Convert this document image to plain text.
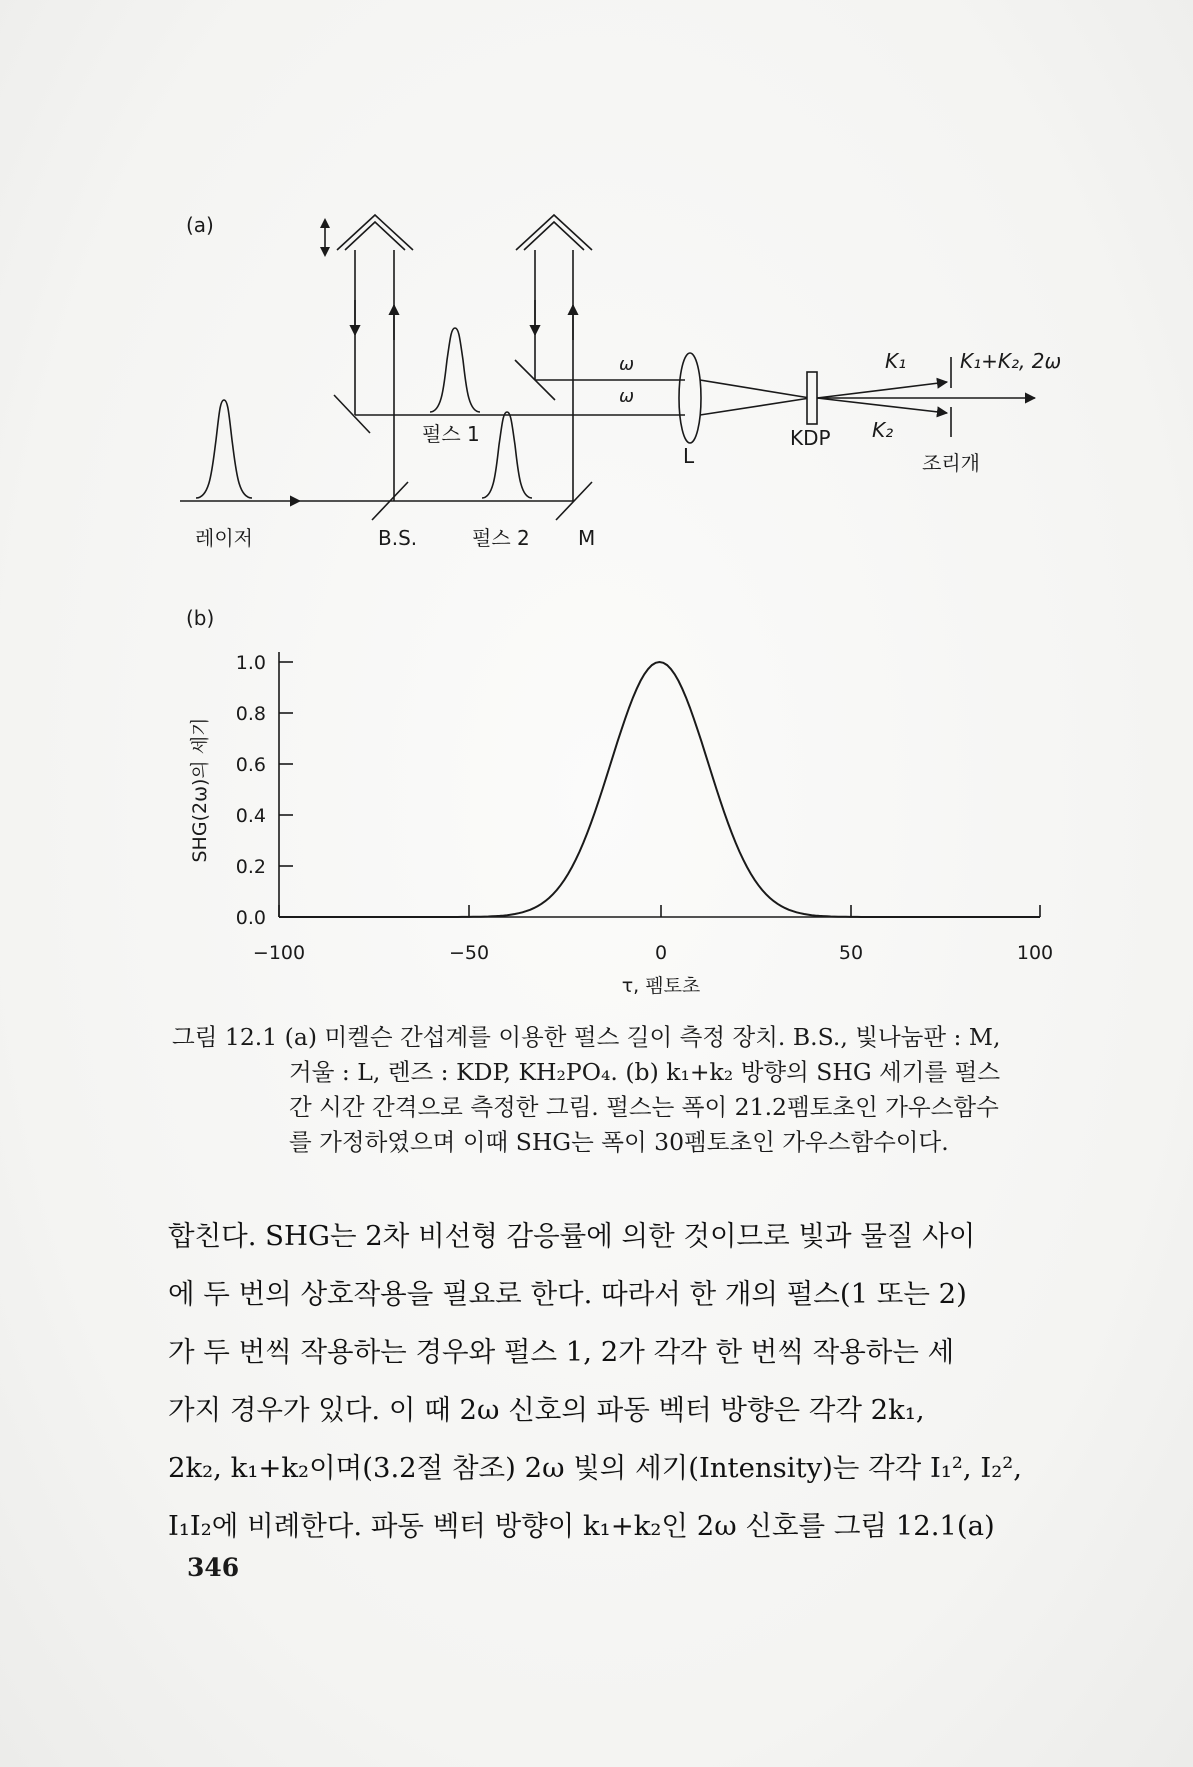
(a)
레이저	B.S.
펄스 1
펄스 2 M
ω
ω
L
KDP
K₁	K₁+K₂, 2ω
K₂
조리개
(b)
1.0
0.8
0.6
0.4
0.2
0.0
−100	−50	0	50	100
τ, 펨토초
SHG(2ω)의 세기
그림 12.1 (a) 미켈슨 간섭계를 이용한 펄스 길이 측정 장치. B.S., 빛나눔판 : M,
거울 : L, 렌즈 : KDP, KH₂PO₄. (b) k₁+k₂ 방향의 SHG 세기를 펄스
간 시간 간격으로 측정한 그림. 펄스는 폭이 21.2펨토초인 가우스함수
를 가정하였으며 이때 SHG는 폭이 30펨토초인 가우스함수이다.
합친다. SHG는 2차 비선형 감응률에 의한 것이므로 빛과 물질 사이
에 두 번의 상호작용을 필요로 한다. 따라서 한 개의 펄스(1 또는 2)
가 두 번씩 작용하는 경우와 펄스 1, 2가 각각 한 번씩 작용하는 세
가지 경우가 있다. 이 때 2ω 신호의 파동 벡터 방향은 각각 2k₁,
2k₂, k₁+k₂이며(3.2절 참조) 2ω 빛의 세기(Intensity)는 각각 I₁², I₂²,
I₁I₂에 비례한다. 파동 벡터 방향이 k₁+k₂인 2ω 신호를 그림 12.1(a)
346
